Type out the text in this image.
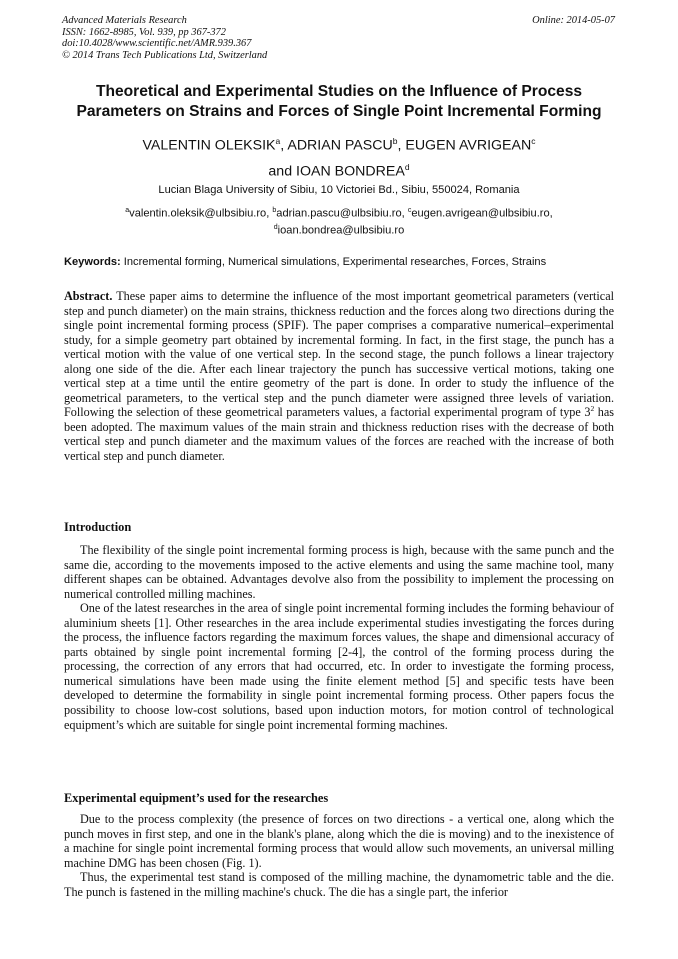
Advanced Materials Research
ISSN: 1662-8985, Vol. 939, pp 367-372
doi:10.4028/www.scientific.net/AMR.939.367
© 2014 Trans Tech Publications Ltd, Switzerland
Online: 2014-05-07
Theoretical and Experimental Studies on the Influence of Process
Parameters on Strains and Forces of Single Point Incremental Forming
VALENTIN OLEKSIK$^a$, ADRIAN PASCU$^b$, EUGEN AVRIGEAN$^c$
and IOAN BONDREA$^d$
Lucian Blaga University of Sibiu, 10 Victoriei Bd., Sibiu, 550024, Romania
$^a$valentin.oleksik@ulbsibiu.ro, $^b$adrian.pascu@ulbsibiu.ro, $^c$eugen.avrigean@ulbsibiu.ro,
$^d$ioan.bondrea@ulbsibiu.ro
Keywords: Incremental forming, Numerical simulations, Experimental researches, Forces, Strains

Abstract. These paper aims to determine the influence of the most important geometrical parameters (vertical step and punch diameter) on the main strains, thickness reduction and the forces along two directions during the single point incremental forming process (SPIF). The paper comprises a comparative numerical–experimental study, for a simple geometry part obtained by incremental forming. In fact, in the first stage, the punch has a vertical motion with the value of one vertical step. In the second stage, the punch follows a linear trajectory along one side of the die. After each linear trajectory the punch has successive vertical motions, taking one vertical step at a time until the entire geometry of the part is done. In order to study the influence of the geometrical parameters, to the vertical step and the punch diameter were assigned three levels of variation. Following the selection of these geometrical parameters values, a factorial experimental program of type $3^2$ has been adopted. The maximum values of the main strain and thickness reduction rises with the decrease of both vertical step and punch diameter and the maximum values of the forces are reached with the increase of both vertical step and punch diameter.

Introduction

The flexibility of the single point incremental forming process is high, because with the same punch and the same die, according to the movements imposed to the active elements and using the same machine tool, many different shapes can be obtained. Advantages devolve also from the possibility to implement the processing on numerical controlled milling machines.

One of the latest researches in the area of single point incremental forming includes the forming behaviour of aluminium sheets [1]. Other researches in the area include experimental studies investigating the forces during the process, the influence factors regarding the maximum forces values, the shape and dimensional accuracy of parts obtained by single point incremental forming [2-4], the control of the forming process during the processing, the correction of any errors that had occurred, etc. In order to investigate the forming process, numerical simulations have been made using the finite element method [5] and specific tests have been developed to determine the formability in single point incremental forming process. Other papers focus the possibility to choose low-cost solutions, based upon induction motors, for motion control of technological equipment’s which are suitable for single point incremental forming machines.

Experimental equipment’s used for the researches

Due to the process complexity (the presence of forces on two directions - a vertical one, along which the punch moves in first step, and one in the blank's plane, along which the die is moving) and to the inexistence of a machine for single point incremental forming process that would allow such movements, an universal milling machine DMG has been chosen (Fig. 1).

Thus, the experimental test stand is composed of the milling machine, the dynamometric table and the die. The punch is fastened in the milling machine's chuck. The die has a single part, the inferior
